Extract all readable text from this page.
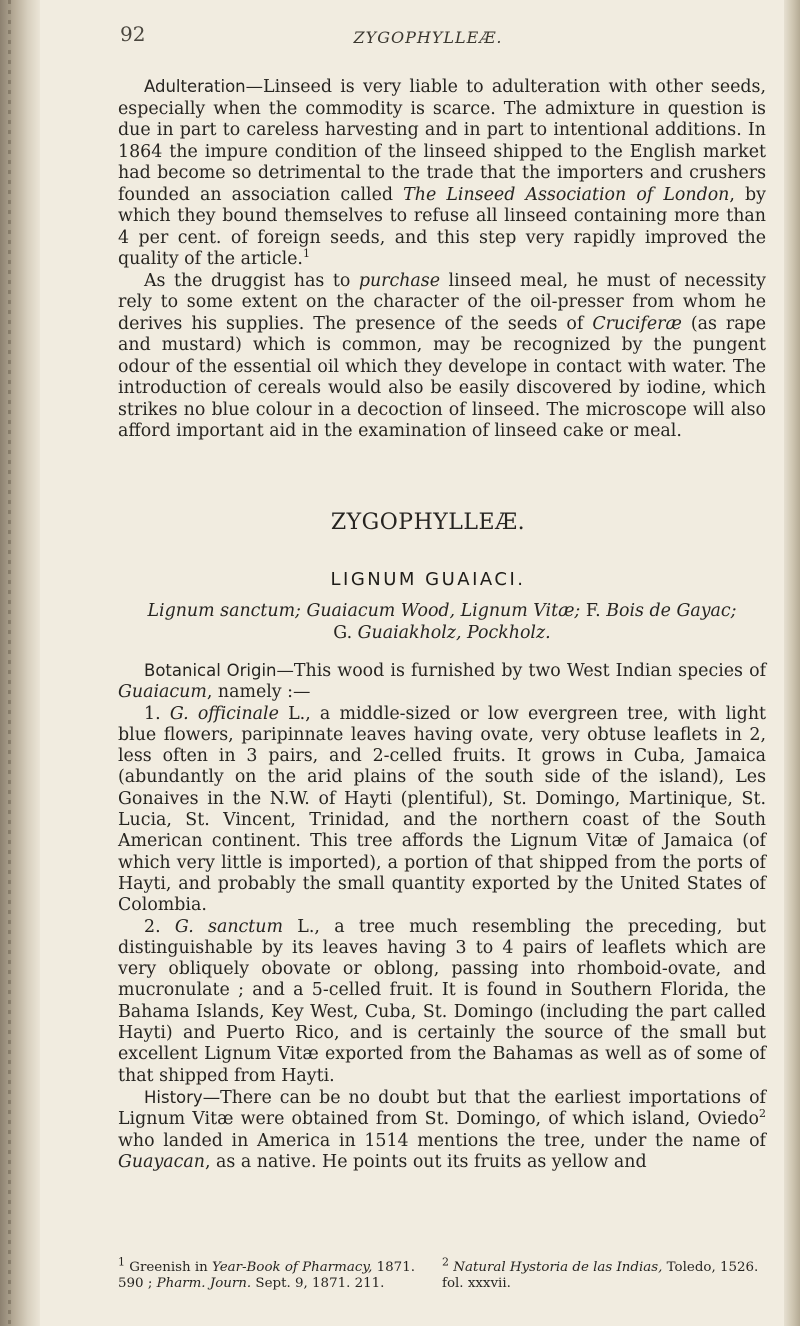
92	ZYGOPHYLLEÆ.

Adulteration—Linseed is very liable to adulteration with other seeds, especially when the commodity is scarce. The admixture in question is due in part to careless harvesting and in part to intentional additions. In 1864 the impure condition of the linseed shipped to the English market had become so detrimental to the trade that the importers and crushers founded an association called The Linseed Association of London, by which they bound themselves to refuse all linseed containing more than 4 per cent. of foreign seeds, and this step very rapidly improved the quality of the article.$^1$

As the druggist has to purchase linseed meal, he must of necessity rely to some extent on the character of the oil-presser from whom he derives his supplies. The presence of the seeds of Cruciferæ (as rape and mustard) which is common, may be recognized by the pungent odour of the essential oil which they develope in contact with water. The introduction of cereals would also be easily discovered by iodine, which strikes no blue colour in a decoction of linseed. The microscope will also afford important aid in the examination of linseed cake or meal.

ZYGOPHYLLEÆ.
LIGNUM GUAIACI.
Lignum sanctum; Guaiacum Wood, Lignum Vitæ; F. Bois de Gayac;
G. Guaiakholz, Pockholz.

Botanical Origin—This wood is furnished by two West Indian species of Guaiacum, namely :—

1. G. officinale L., a middle-sized or low evergreen tree, with light blue flowers, paripinnate leaves having ovate, very obtuse leaflets in 2, less often in 3 pairs, and 2-celled fruits. It grows in Cuba, Jamaica (abundantly on the arid plains of the south side of the island), Les Gonaives in the N.W. of Hayti (plentiful), St. Domingo, Martinique, St. Lucia, St. Vincent, Trinidad, and the northern coast of the South American continent. This tree affords the Lignum Vitæ of Jamaica (of which very little is imported), a portion of that shipped from the ports of Hayti, and probably the small quantity exported by the United States of Colombia.

2. G. sanctum L., a tree much resembling the preceding, but distinguishable by its leaves having 3 to 4 pairs of leaflets which are very obliquely obovate or oblong, passing into rhomboid-ovate, and mucronulate ; and a 5-celled fruit. It is found in Southern Florida, the Bahama Islands, Key West, Cuba, St. Domingo (including the part called Hayti) and Puerto Rico, and is certainly the source of the small but excellent Lignum Vitæ exported from the Bahamas as well as of some of that shipped from Hayti.

History—There can be no doubt but that the earliest importations of Lignum Vitæ were obtained from St. Domingo, of which island, Oviedo$^2$ who landed in America in 1514 mentions the tree, under the name of Guayacan, as a native. He points out its fruits as yellow and

$^1$ Greenish in Year-Book of Pharmacy, 1871. 590 ; Pharm. Journ. Sept. 9, 1871. 211.
$^2$ Natural Hystoria de las Indias, Toledo, 1526. fol. xxxvii.
